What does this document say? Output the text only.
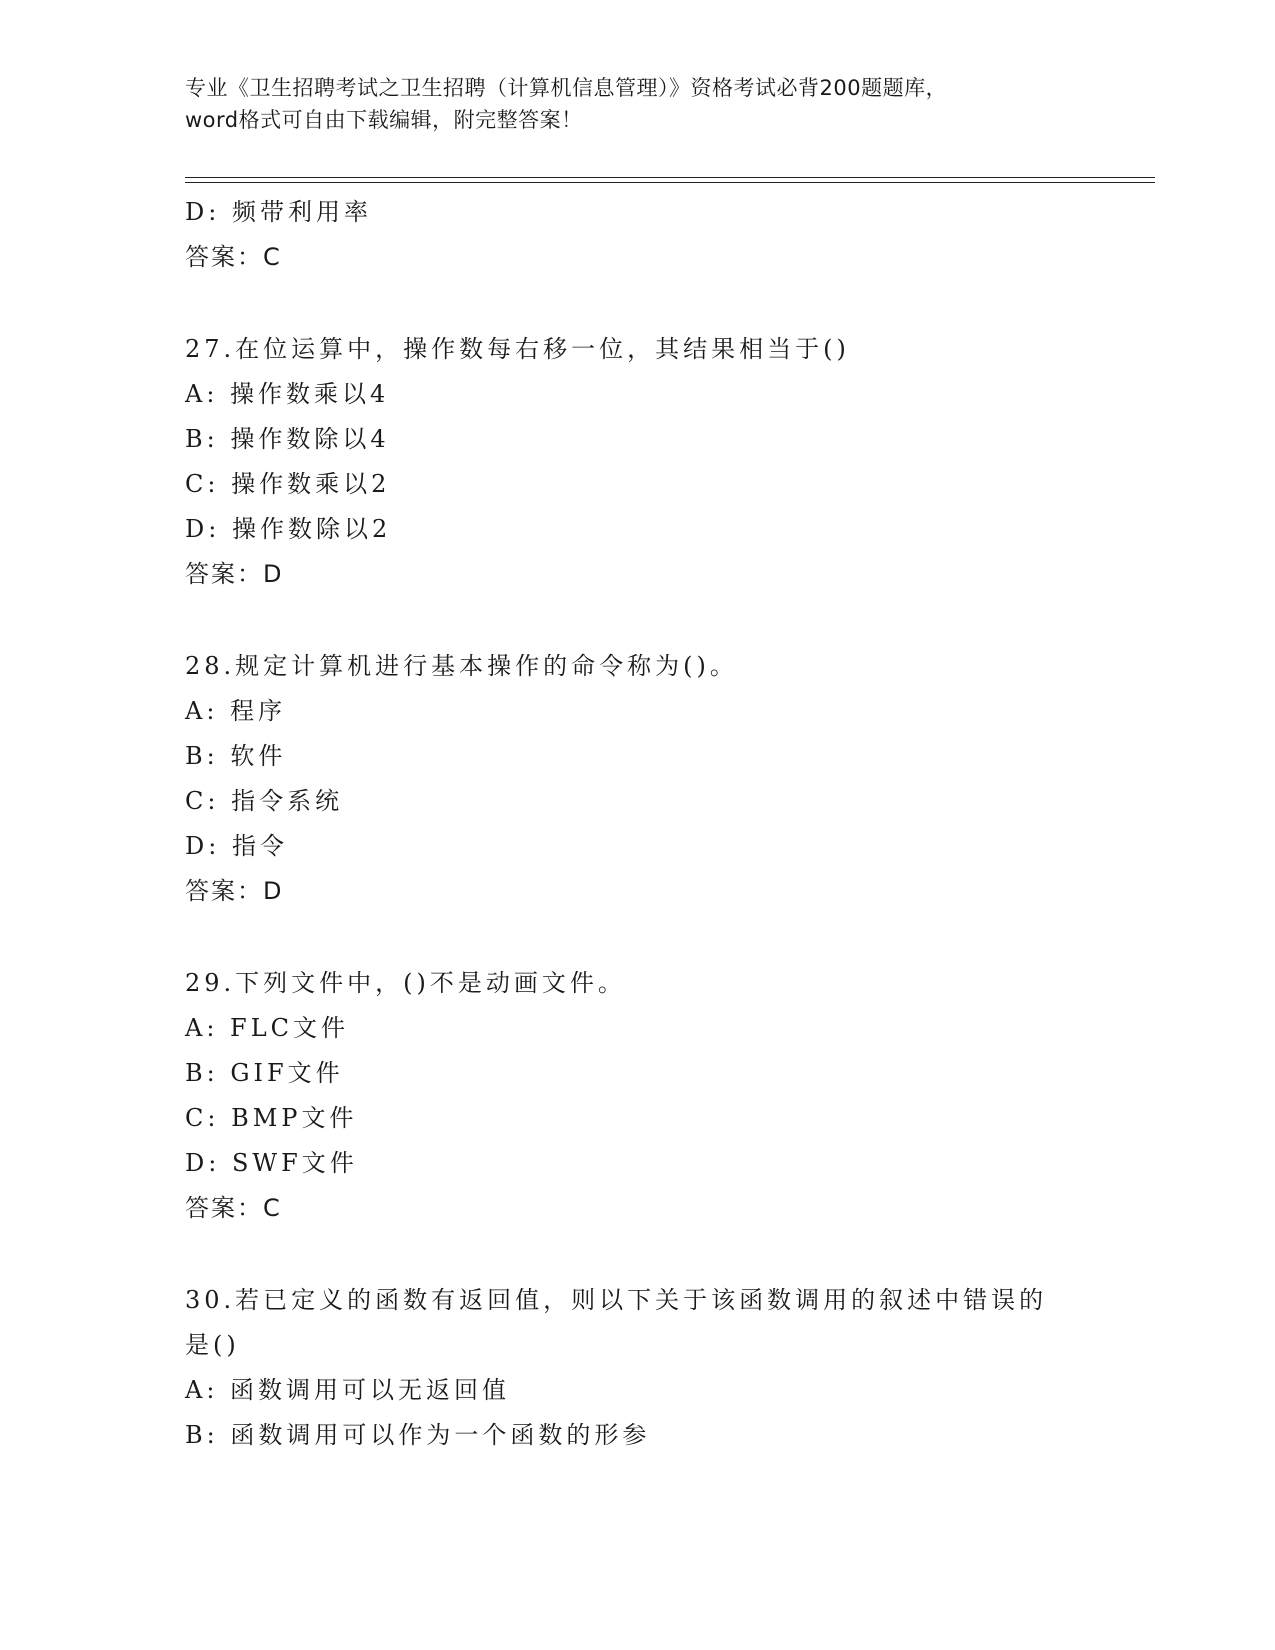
专业《卫生招聘考试之卫生招聘（计算机信息管理）》资格考试必背200题题库，
word格式可自由下载编辑，附完整答案！
D: 频带利用率
答案：C
27.在位运算中，操作数每右移一位，其结果相当于()
A: 操作数乘以4
B: 操作数除以4
C: 操作数乘以2
D: 操作数除以2
答案：D
28.规定计算机进行基本操作的命令称为()。
A: 程序
B: 软件
C: 指令系统
D: 指令
答案：D
29.下列文件中，()不是动画文件。
A: FLC文件
B: GIF文件
C: BMP文件
D: SWF文件
答案：C
30.若已定义的函数有返回值，则以下关于该函数调用的叙述中错误的
是()
A: 函数调用可以无返回值
B: 函数调用可以作为一个函数的形参
